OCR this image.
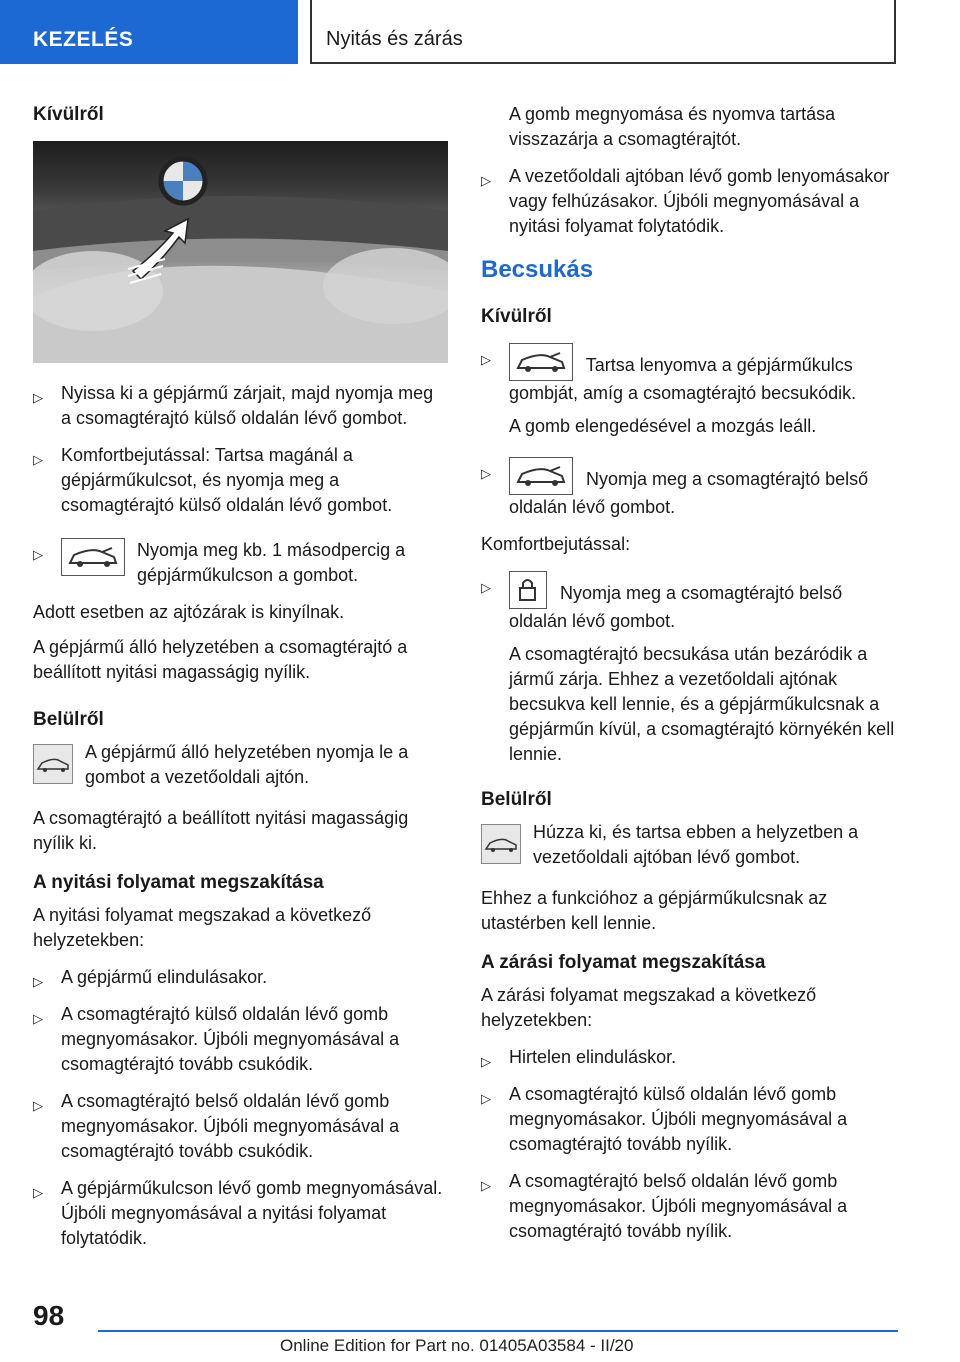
KEZELÉS	Nyitás és zárás

Kívülről

▷ Nyissa ki a gépjármű zárjait, majd nyomja meg a csomagtérajtó külső oldalán lévő gombot.
▷ Komfortbejutással: Tartsa magánál a gépjárműkulcsot, és nyomja meg a csomagtérajtó külső oldalán lévő gombot.
▷	Nyomja meg kb. 1 másodpercig a gépjárműkulcson a gombot.

Adott esetben az ajtózárak is kinyílnak.

A gépjármű álló helyzetében a csomagtérajtó a beállított nyitási magasságig nyílik.

Belülről

A gépjármű álló helyzetében nyomja le a gombot a vezetőoldali ajtón.

A csomagtérajtó a beállított nyitási magasságig nyílik ki.

A nyitási folyamat megszakítása

A nyitási folyamat megszakad a következő helyzetekben:

▷ A gépjármű elindulásakor.
▷ A csomagtérajtó külső oldalán lévő gomb megnyomásakor. Újbóli megnyomásával a csomagtérajtó tovább csukódik.
▷ A csomagtérajtó belső oldalán lévő gomb megnyomásakor. Újbóli megnyomásával a csomagtérajtó tovább csukódik.
▷ A gépjárműkulcson lévő gomb megnyomásával. Újbóli megnyomásával a nyitási folyamat folytatódik.

A gomb megnyomása és nyomva tartása visszazárja a csomagtérajtót.

▷ A vezetőoldali ajtóban lévő gomb lenyomásakor vagy felhúzásakor. Újbóli megnyomásával a nyitási folyamat folytatódik.

Becsukás

Kívülről

▷	Tartsa lenyomva a gépjárműkulcs gombját, amíg a csomagtérajtó becsukódik.
A gomb elengedésével a mozgás leáll.
▷	Nyomja meg a csomagtérajtó belső oldalán lévő gombot.

Komfortbejutással:

▷	Nyomja meg a csomagtérajtó belső oldalán lévő gombot.
A csomagtérajtó becsukása után bezáródik a jármű zárja. Ehhez a vezetőoldali ajtónak becsukva kell lennie, és a gépjárműkulcsnak a gépjárműn kívül, a csomagtérajtó környékén kell lennie.

Belülről

Húzza ki, és tartsa ebben a helyzetben a vezetőoldali ajtóban lévő gombot.

Ehhez a funkcióhoz a gépjárműkulcsnak az utastérben kell lennie.

A zárási folyamat megszakítása

A zárási folyamat megszakad a következő helyzetekben:

▷ Hirtelen elinduláskor.
▷ A csomagtérajtó külső oldalán lévő gomb megnyomásakor. Újbóli megnyomásával a csomagtérajtó tovább nyílik.
▷ A csomagtérajtó belső oldalán lévő gomb megnyomásakor. Újbóli megnyomásával a csomagtérajtó tovább nyílik.
98
Online Edition for Part no. 01405A03584 - II/20
